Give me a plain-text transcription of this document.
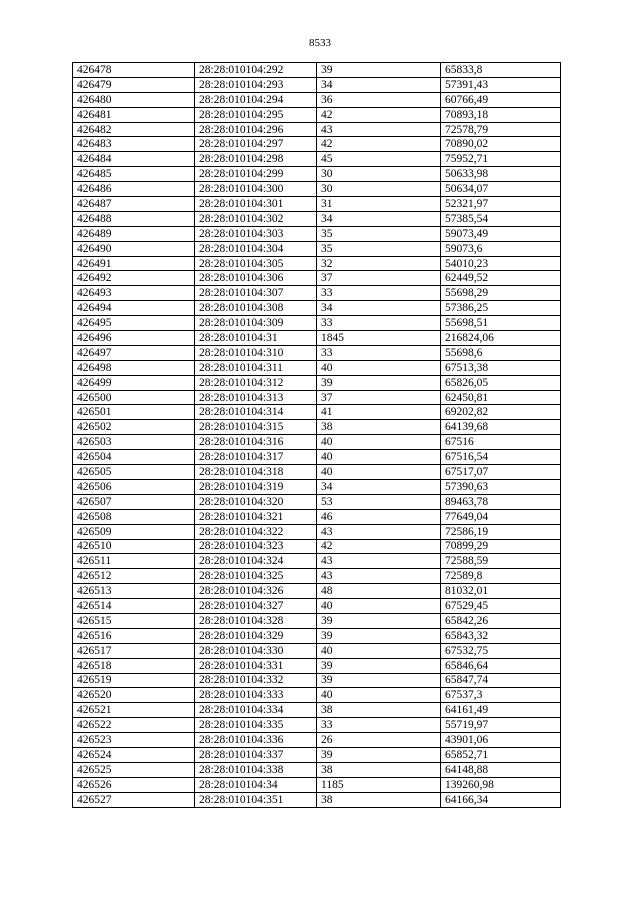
8533
426478	28:28:010104:292	39	65833,8
426479	28:28:010104:293	34	57391,43
426480	28:28:010104:294	36	60766,49
426481	28:28:010104:295	42	70893,18
426482	28:28:010104:296	43	72578,79
426483	28:28:010104:297	42	70890,02
426484	28:28:010104:298	45	75952,71
426485	28:28:010104:299	30	50633,98
426486	28:28:010104:300	30	50634,07
426487	28:28:010104:301	31	52321,97
426488	28:28:010104:302	34	57385,54
426489	28:28:010104:303	35	59073,49
426490	28:28:010104:304	35	59073,6
426491	28:28:010104:305	32	54010,23
426492	28:28:010104:306	37	62449,52
426493	28:28:010104:307	33	55698,29
426494	28:28:010104:308	34	57386,25
426495	28:28:010104:309	33	55698,51
426496	28:28:010104:31	1845	216824,06
426497	28:28:010104:310	33	55698,6
426498	28:28:010104:311	40	67513,38
426499	28:28:010104:312	39	65826,05
426500	28:28:010104:313	37	62450,81
426501	28:28:010104:314	41	69202,82
426502	28:28:010104:315	38	64139,68
426503	28:28:010104:316	40	67516
426504	28:28:010104:317	40	67516,54
426505	28:28:010104:318	40	67517,07
426506	28:28:010104:319	34	57390,63
426507	28:28:010104:320	53	89463,78
426508	28:28:010104:321	46	77649,04
426509	28:28:010104:322	43	72586,19
426510	28:28:010104:323	42	70899,29
426511	28:28:010104:324	43	72588,59
426512	28:28:010104:325	43	72589,8
426513	28:28:010104:326	48	81032,01
426514	28:28:010104:327	40	67529,45
426515	28:28:010104:328	39	65842,26
426516	28:28:010104:329	39	65843,32
426517	28:28:010104:330	40	67532,75
426518	28:28:010104:331	39	65846,64
426519	28:28:010104:332	39	65847,74
426520	28:28:010104:333	40	67537,3
426521	28:28:010104:334	38	64161,49
426522	28:28:010104:335	33	55719,97
426523	28:28:010104:336	26	43901,06
426524	28:28:010104:337	39	65852,71
426525	28:28:010104:338	38	64148,88
426526	28:28:010104:34	1185	139260,98
426527	28:28:010104:351	38	64166,34
